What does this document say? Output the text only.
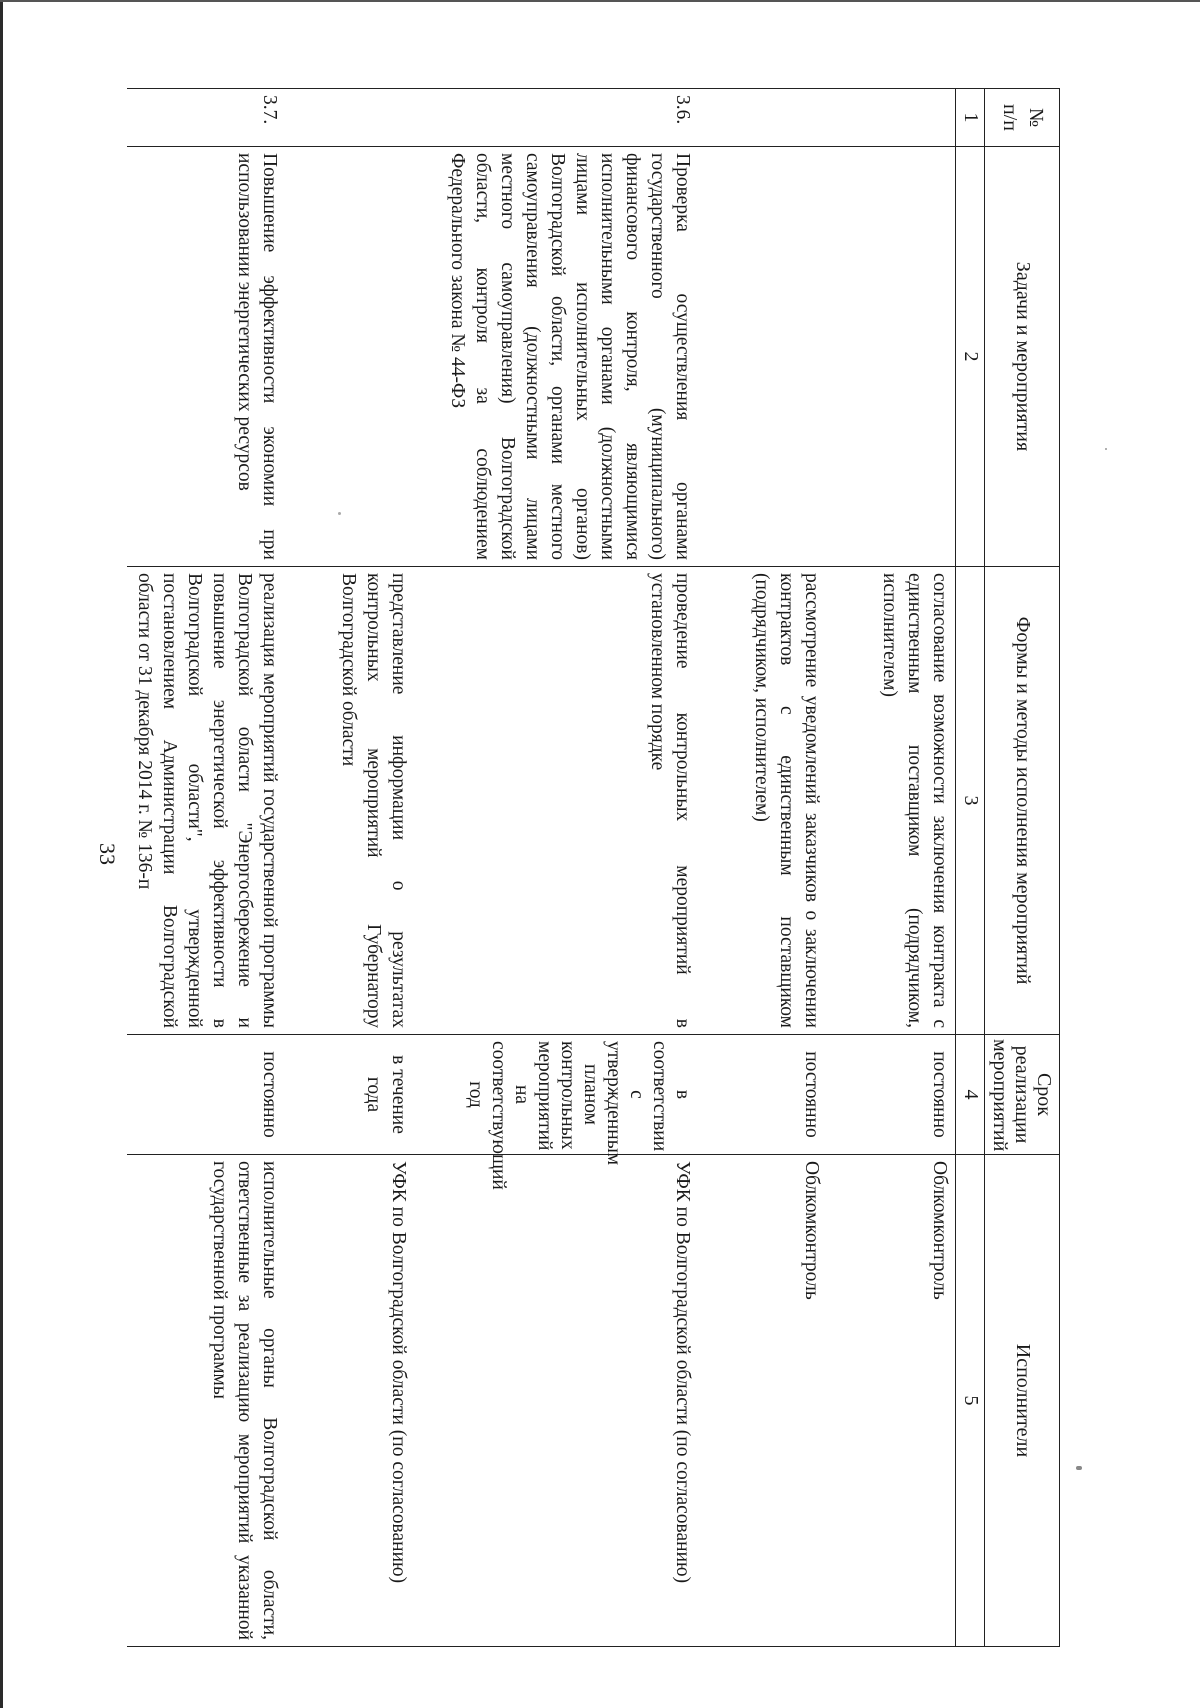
33
№
п/п	Задачи и мероприятия	Формы и методы исполнения мероприятий	Срок
реализации
мероприятий	Исполнители
1	2	3	4	5
		согласование возможности заключения контракта с единственным поставщиком (подрядчиком, исполнителем)	постоянно	Облкомконтроль

		рассмотрение уведомлений заказчиков о заключении контрактов с единственным поставщиком (подрядчиком, исполнителем)	постоянно	Облкомконтроль

3.6.	Проверка осуществления органами государственного (муниципального) финансового контроля, являющимися исполнительными органами (должностными лицами исполнительных органов) Волгоградской области, органами местного самоуправления (должностными лицами местного самоуправления) Волгоградской области, контроля за соблюдением Федерального закона № 44-ФЗ	проведение контрольных мероприятий в установленном порядке	в соответствии с утвержденным планом контрольных мероприятий на соответствующий год	УФК по Волгоградской области (по согласованию)

		представление информации о результатах контрольных мероприятий Губернатору Волгоградской области	в течение года	УФК по Волгоградской области (по согласованию)

3.7.	Повышение эффективности экономии при использовании энергетических ресурсов	реализация мероприятий государственной программы Волгоградской области "Энергосбережение и повышение энергетической эффективности в Волгоградской области", утвержденной постановлением Администрации Волгоградской области от 31 декабря 2014 г. № 136-п	постоянно	исполнительные органы Волгоградской области, ответственные за реализацию мероприятий указанной государственной программы
